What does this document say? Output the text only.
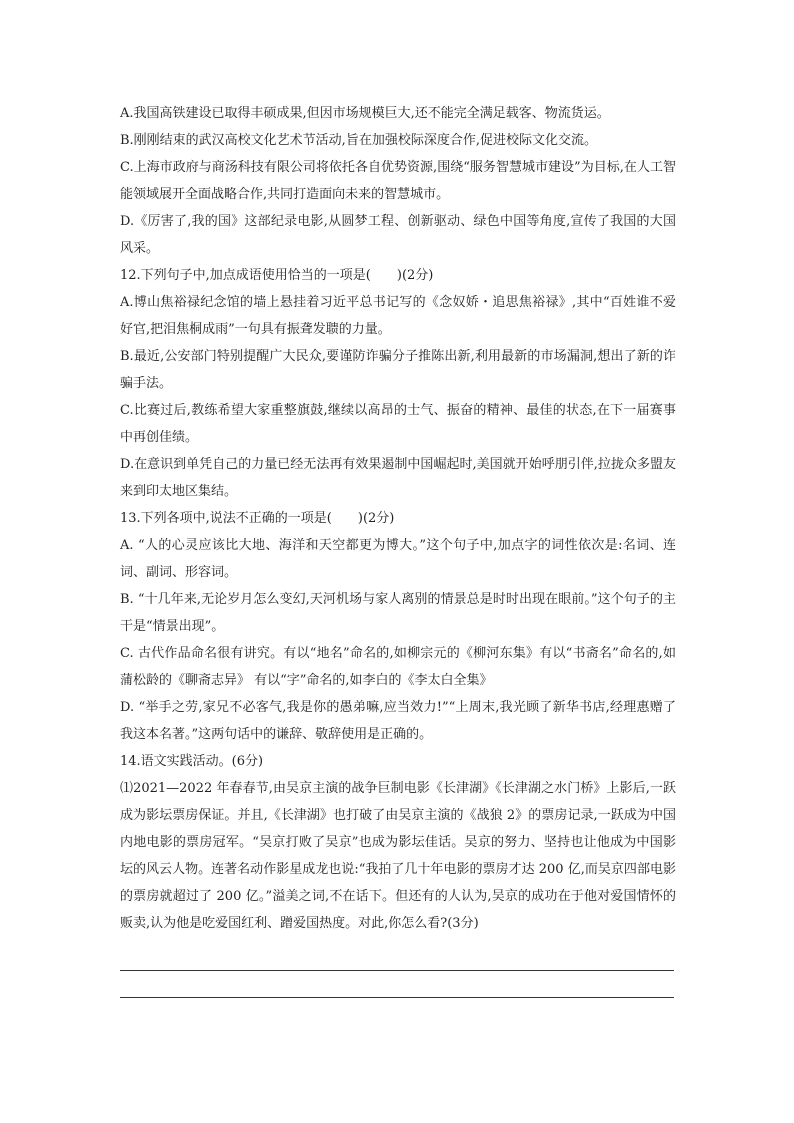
A.我国高铁建设已取得丰硕成果,但因市场规模巨大,还不能完全满足载客、物流货运。

B.刚刚结束的武汉高校文化艺术节活动,旨在加强校际深度合作,促进校际文化交流。

C.上海市政府与商汤科技有限公司将依托各自优势资源,围绕“服务智慧城市建设”为目标,在人工智能领域展开全面战略合作,共同打造面向未来的智慧城市。

D.《厉害了,我的国》这部纪录电影,从圆梦工程、创新驱动、绿色中国等角度,宣传了我国的大国风采。

12.下列句子中,加点成语使用恰当的一项是(　　)(2分)

A.博山焦裕禄纪念馆的墙上悬挂着习近平总书记写的《念奴娇・追思焦裕禄》,其中“百姓谁不爱好官,把泪焦桐成雨”一句具有振聋发聩的力量。

B.最近,公安部门特别提醒广大民众,要谨防诈骗分子推陈出新,利用最新的市场漏洞,想出了新的诈骗手法。

C.比赛过后,教练希望大家重整旗鼓,继续以高昂的士气、振奋的精神、最佳的状态,在下一届赛事中再创佳绩。

D.在意识到单凭自己的力量已经无法再有效果遏制中国崛起时,美国就开始呼朋引伴,拉拢众多盟友来到印太地区集结。

13.下列各项中,说法不正确的一项是(　　)(2分)

A. “人的心灵应该比大地、海洋和天空都更为博大。”这个句子中,加点字的词性依次是:名词、连词、副词、形容词。

B. “十几年来,无论岁月怎么变幻,天河机场与家人离别的情景总是时时出现在眼前。”这个句子的主干是“情景出现”。

C. 古代作品命名很有讲究。有以“地名”命名的,如柳宗元的《柳河东集》有以“书斋名”命名的,如蒲松龄的《聊斋志异》 有以“字”命名的,如李白的《李太白全集》

D. “举手之劳,家兄不必客气,我是你的愚弟嘛,应当效力!”“上周末,我光顾了新华书店,经理惠赠了我这本名著。”这两句话中的谦辞、敬辞使用是正确的。

14.语文实践活动。(6分)

⑴2021—2022 年春春节,由吴京主演的战争巨制电影《长津湖》《长津湖之水门桥》上影后,一跃成为影坛票房保证。并且,《长津湖》也打破了由吴京主演的《战狼 2》的票房记录,一跃成为中国内地电影的票房冠军。“吴京打败了吴京”也成为影坛佳话。吴京的努力、坚持也让他成为中国影坛的风云人物。连著名动作影星成龙也说:“我拍了几十年电影的票房才达 200 亿,而吴京四部电影的票房就超过了 200 亿。”溢美之词,不在话下。但还有的人认为,吴京的成功在于他对爱国情怀的贩卖,认为他是吃爱国红利、蹭爱国热度。对此,你怎么看?(3分)
